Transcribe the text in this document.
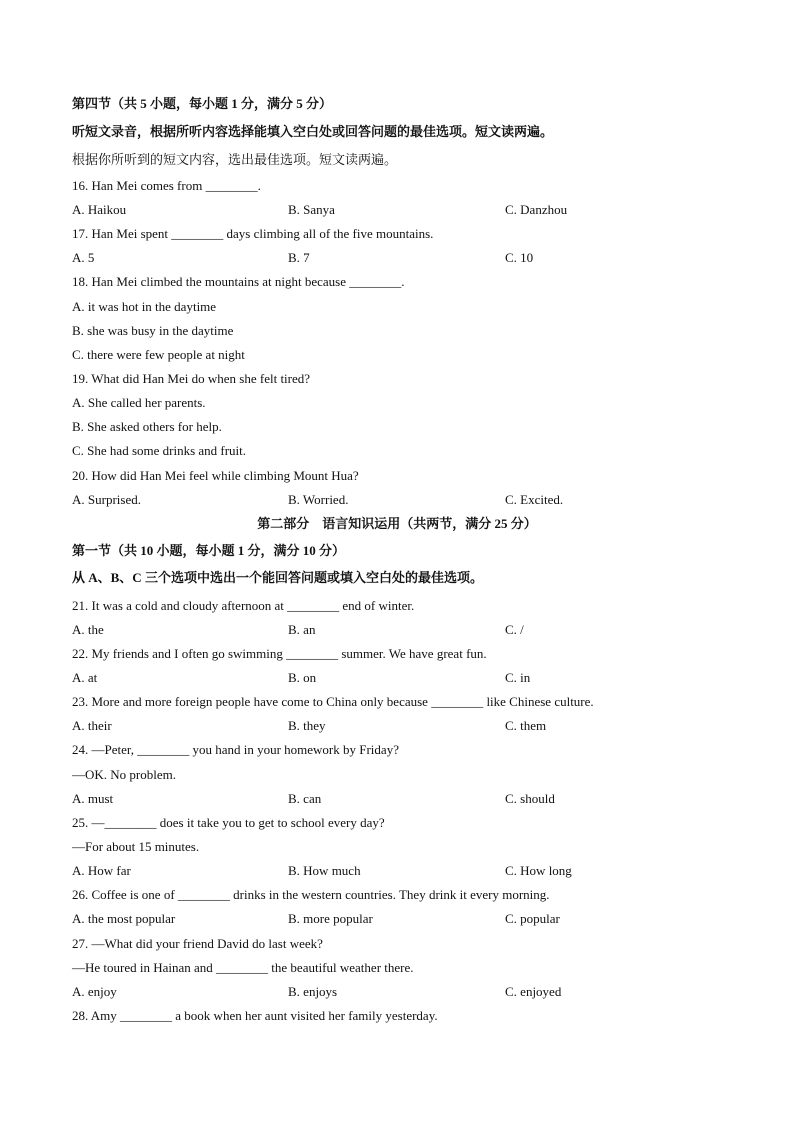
第四节（共 5 小题，每小题 1 分，满分 5 分）
听短文录音，根据所听内容选择能填入空白处或回答问题的最佳选项。短文读两遍。
根据你所听到的短文内容，选出最佳选项。短文读两遍。
16. Han Mei comes from ________.
A. Haikou	B. Sanya	C. Danzhou
17. Han Mei spent ________ days climbing all of the five mountains.
A. 5	B. 7	C. 10
18. Han Mei climbed the mountains at night because ________.
A. it was hot in the daytime
B. she was busy in the daytime
C. there were few people at night
19. What did Han Mei do when she felt tired?
A. She called her parents.
B. She asked others for help.
C. She had some drinks and fruit.
20. How did Han Mei feel while climbing Mount Hua?
A. Surprised.	B. Worried.	C. Excited.
第二部分　语言知识运用（共两节，满分 25 分）
第一节（共 10 小题，每小题 1 分，满分 10 分）
从 A、B、C 三个选项中选出一个能回答问题或填入空白处的最佳选项。
21. It was a cold and cloudy afternoon at ________ end of winter.
A. the	B. an	C. /
22. My friends and I often go swimming ________ summer. We have great fun.
A. at	B. on	C. in
23. More and more foreign people have come to China only because ________ like Chinese culture.
A. their	B. they	C. them
24. —Peter, ________ you hand in your homework by Friday?
—OK. No problem.
A. must	B. can	C. should
25. —________ does it take you to get to school every day?
—For about 15 minutes.
A. How far	B. How much	C. How long
26. Coffee is one of ________ drinks in the western countries. They drink it every morning.
A. the most popular	B. more popular	C. popular
27. —What did your friend David do last week?
—He toured in Hainan and ________ the beautiful weather there.
A. enjoy	B. enjoys	C. enjoyed
28. Amy ________ a book when her aunt visited her family yesterday.
